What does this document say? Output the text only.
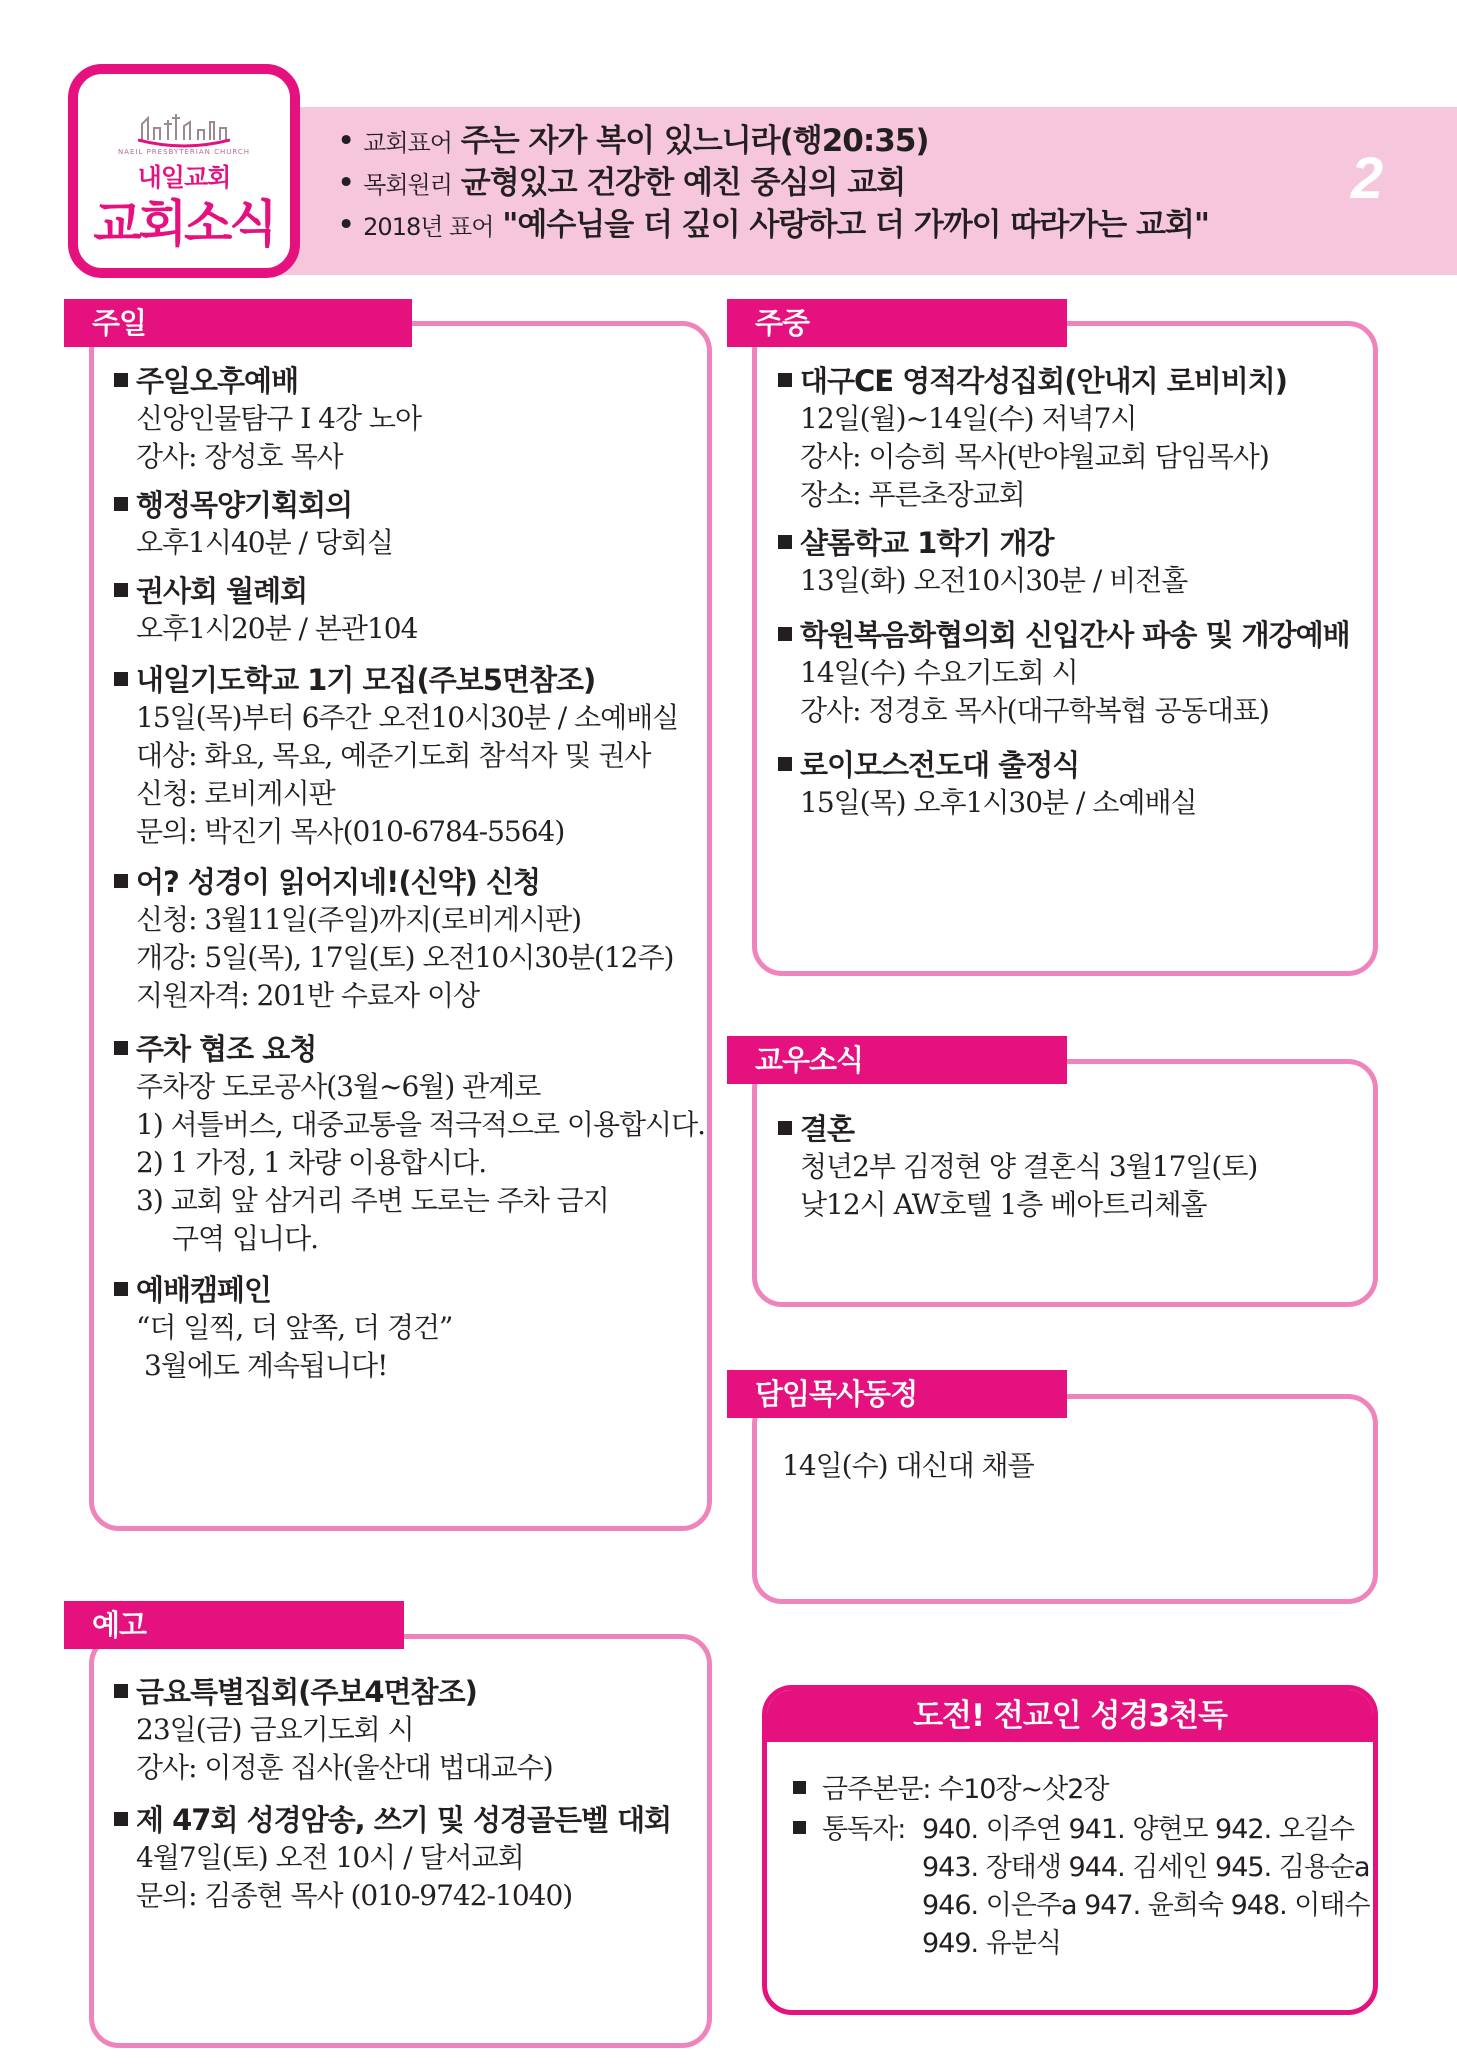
NAEIL PRESBYTERIAN CHURCH
내일교회
교회소식
• 교회표어 주는 자가 복이 있느니라(행20:35)
• 목회원리 균형있고 건강한 예친 중심의 교회
• 2018년 표어 "예수님을 더 깊이 사랑하고 더 가까이 따라가는 교회"
2
주일
주일오후예배
신앙인물탐구 I 4강 노아
강사: 장성호 목사
행정목양기획회의
오후1시40분 / 당회실
권사회 월례회
오후1시20분 / 본관104
내일기도학교 1기 모집(주보5면참조)
15일(목)부터 6주간 오전10시30분 / 소예배실
대상: 화요, 목요, 예준기도회 참석자 및 권사
신청: 로비게시판
문의: 박진기 목사(010-6784-5564)
어? 성경이 읽어지네!(신약) 신청
신청: 3월11일(주일)까지(로비게시판)
개강: 5일(목), 17일(토) 오전10시30분(12주)
지원자격: 201반 수료자 이상
주차 협조 요청
주차장 도로공사(3월~6월) 관계로
1) 셔틀버스, 대중교통을 적극적으로 이용합시다.
2) 1 가정, 1 차량 이용합시다.
3) 교회 앞 삼거리 주변 도로는 주차 금지
구역 입니다.
예배캠페인
“더 일찍, 더 앞쪽, 더 경건”
3월에도 계속됩니다!
주중
대구CE 영적각성집회(안내지 로비비치)
12일(월)~14일(수) 저녁7시
강사: 이승희 목사(반야월교회 담임목사)
장소: 푸른초장교회
샬롬학교 1학기 개강
13일(화) 오전10시30분 / 비전홀
학원복음화협의회 신입간사 파송 및 개강예배
14일(수) 수요기도회 시
강사: 정경호 목사(대구학복협 공동대표)
로이모스전도대 출정식
15일(목) 오후1시30분 / 소예배실
교우소식
결혼
청년2부 김정현 양 결혼식 3월17일(토)
낮12시 AW호텔 1층 베아트리체홀
담임목사동정
14일(수) 대신대 채플
예고
금요특별집회(주보4면참조)
23일(금) 금요기도회 시
강사: 이정훈 집사(울산대 법대교수)
제 47회 성경암송, 쓰기 및 성경골든벨 대회
4월7일(토) 오전 10시 / 달서교회
문의: 김종현 목사 (010-9742-1040)
도전! 전교인 성경3천독
금주본문: 수10장~삿2장
통독자: 940. 이주연 941. 양현모 942. 오길수
943. 장태생 944. 김세인 945. 김용순a
946. 이은주a 947. 윤희숙 948. 이태수
949. 유분식
